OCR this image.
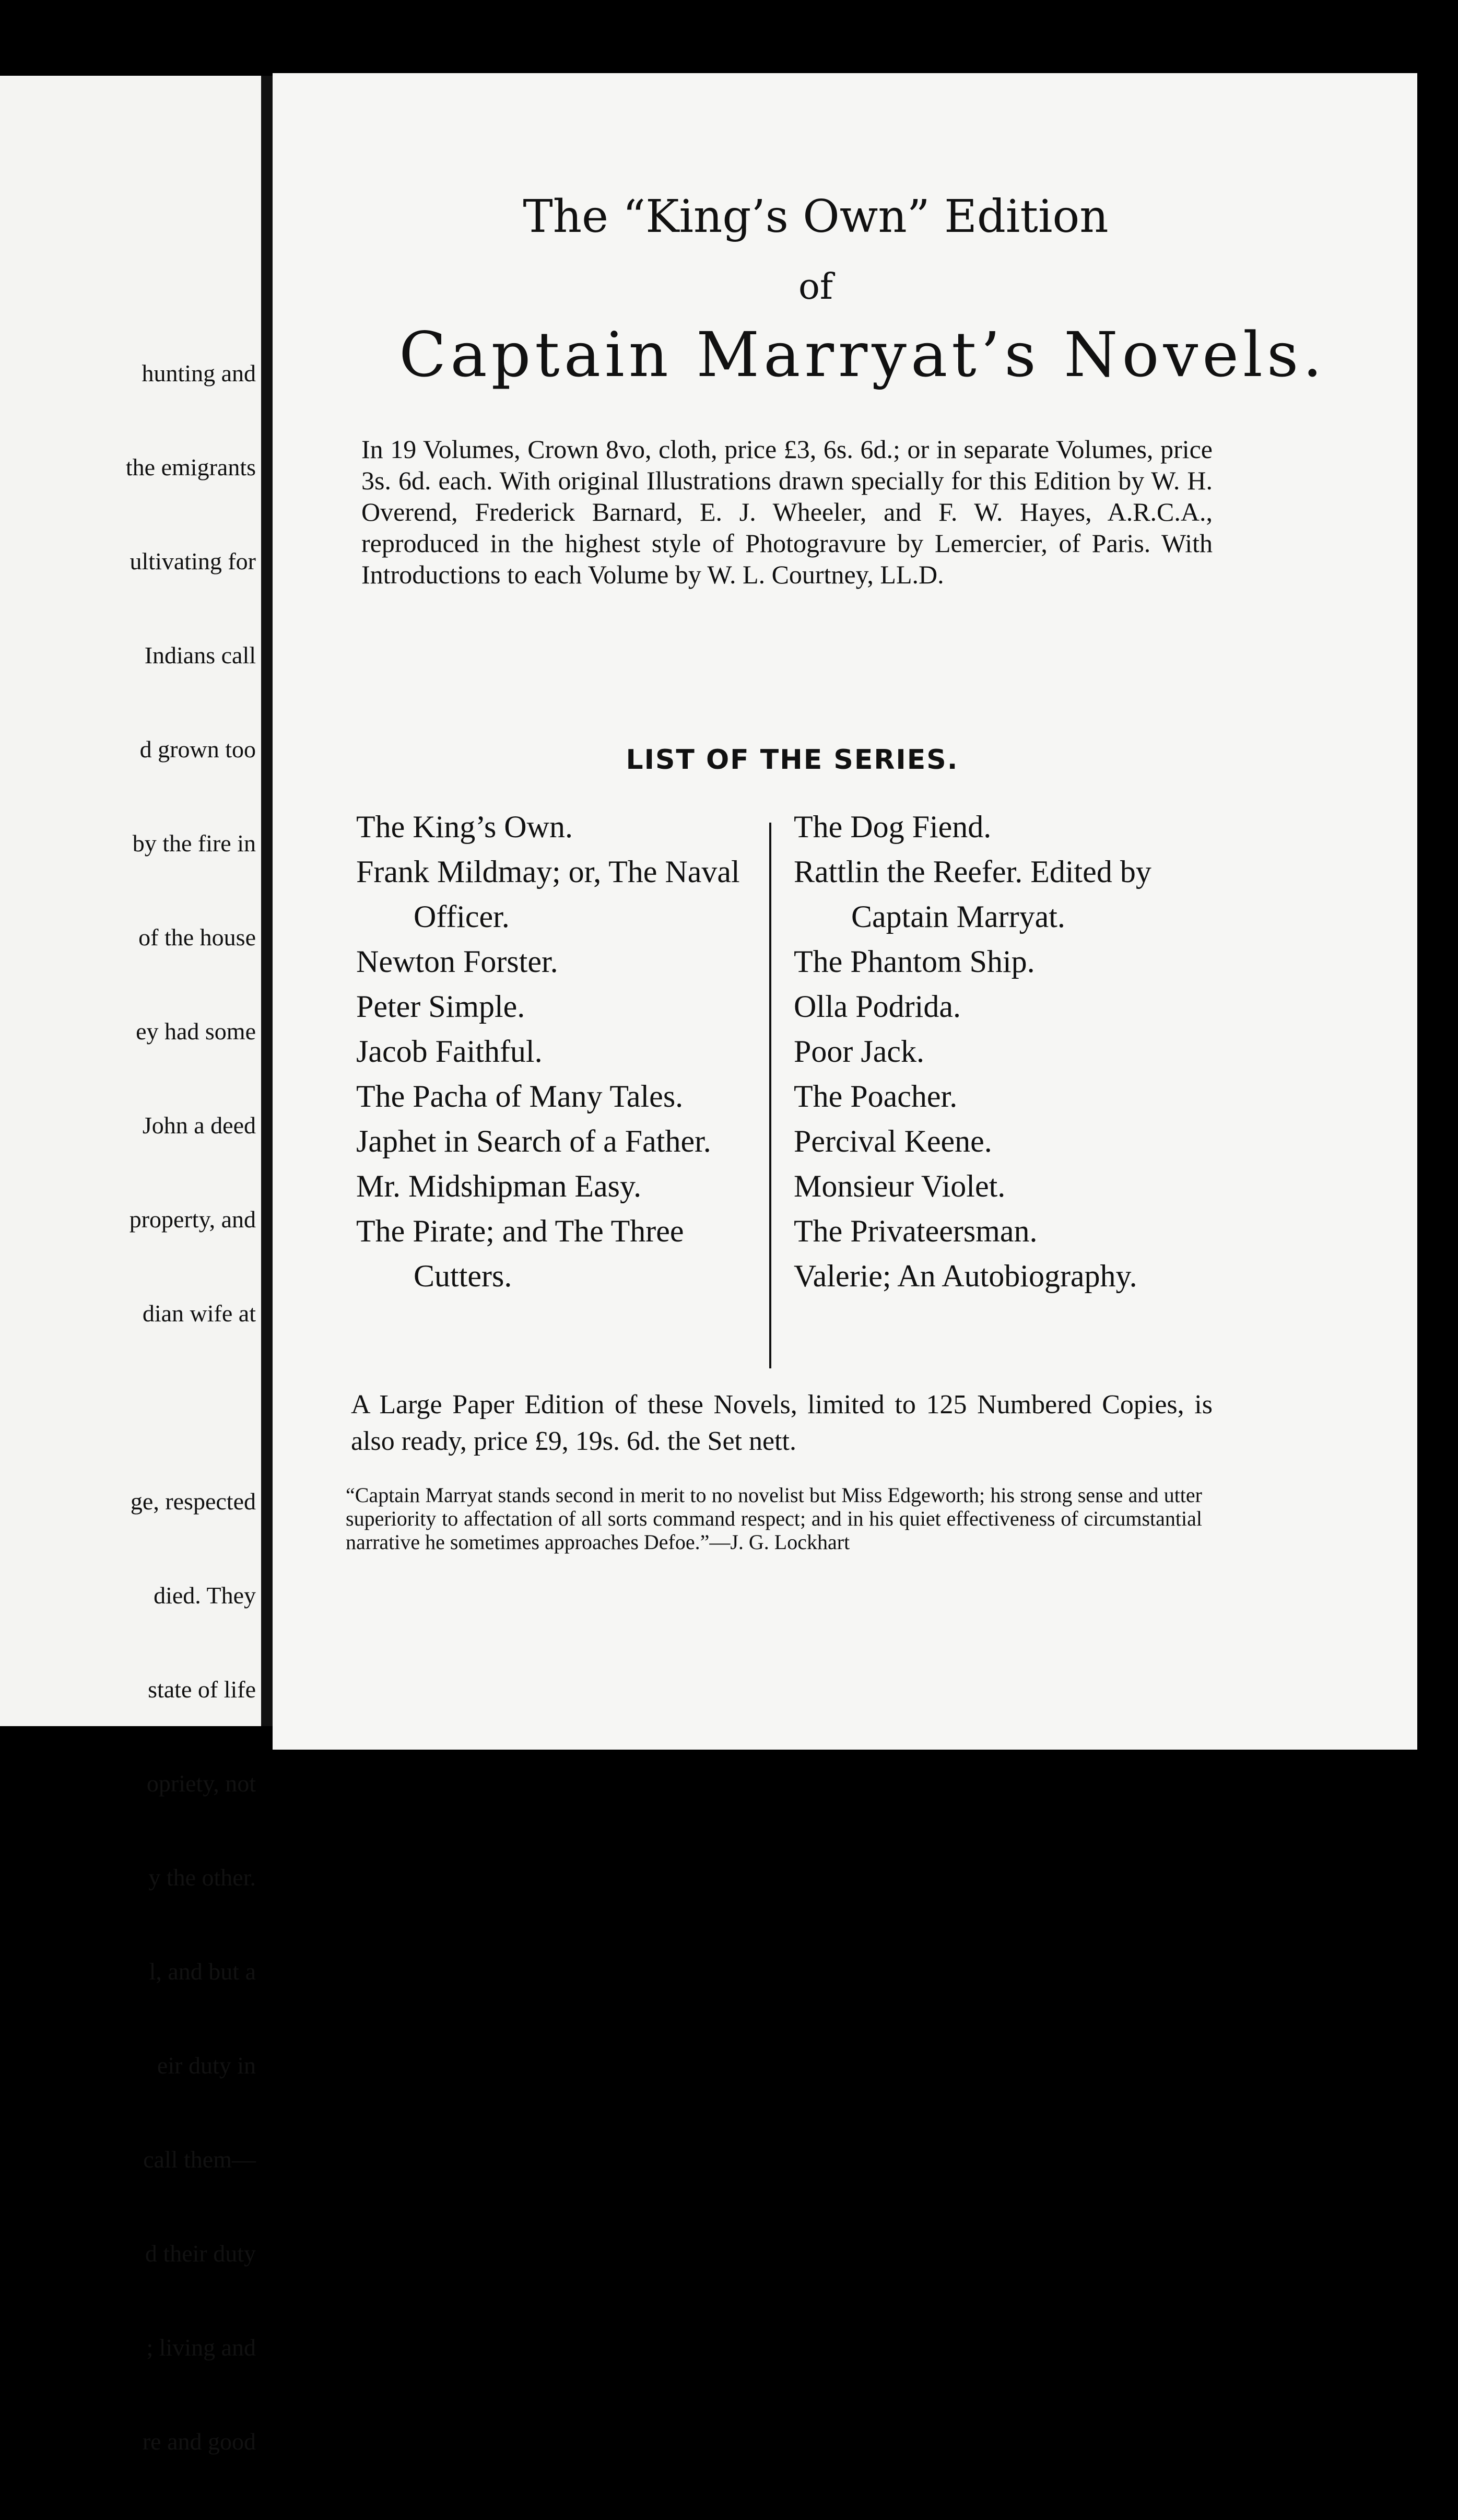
hunting and

the emigrants

ultivating for

Indians call

d grown too

by the fire in

of the house

ey had some

John a deed

property, and

dian wife at

ge, respected

died. They

state of life

opriety, not

y the other.

l, and but a

eir duty in

call them—

d their duty

; living and

re and good

The “King’s Own” Edition
of
Captain Marryat’s Novels.
In 19 Volumes, Crown 8vo, cloth, price £3, 6s. 6d.; or in separate Volumes, price 3s. 6d. each. With original Illustrations drawn specially for this Edition by W. H. Overend, Frederick Barnard, E. J. Wheeler, and F. W. Hayes, A.R.C.A., reproduced in the highest style of Photogravure by Lemercier, of Paris. With Introductions to each Volume by W. L. Courtney, LL.D.
LIST OF THE SERIES.
The King’s Own.
Frank Mildmay; or, The Naval Officer.
Newton Forster.
Peter Simple.
Jacob Faithful.
The Pacha of Many Tales.
Japhet in Search of a Father.
Mr. Midshipman Easy.
The Pirate; and The Three Cutters.
The Dog Fiend.
Rattlin the Reefer. Edited by Captain Marryat.
The Phantom Ship.
Olla Podrida.
Poor Jack.
The Poacher.
Percival Keene.
Monsieur Violet.
The Privateersman.
Valerie; An Autobiography.
A Large Paper Edition of these Novels, limited to 125 Numbered Copies, is also ready, price £9, 19s. 6d. the Set nett.
“Captain Marryat stands second in merit to no novelist but Miss Edgeworth; his strong sense and utter superiority to affectation of all sorts command respect; and in his quiet effectiveness of circumstantial narrative he sometimes approaches Defoe.”—J. G. Lockhart
